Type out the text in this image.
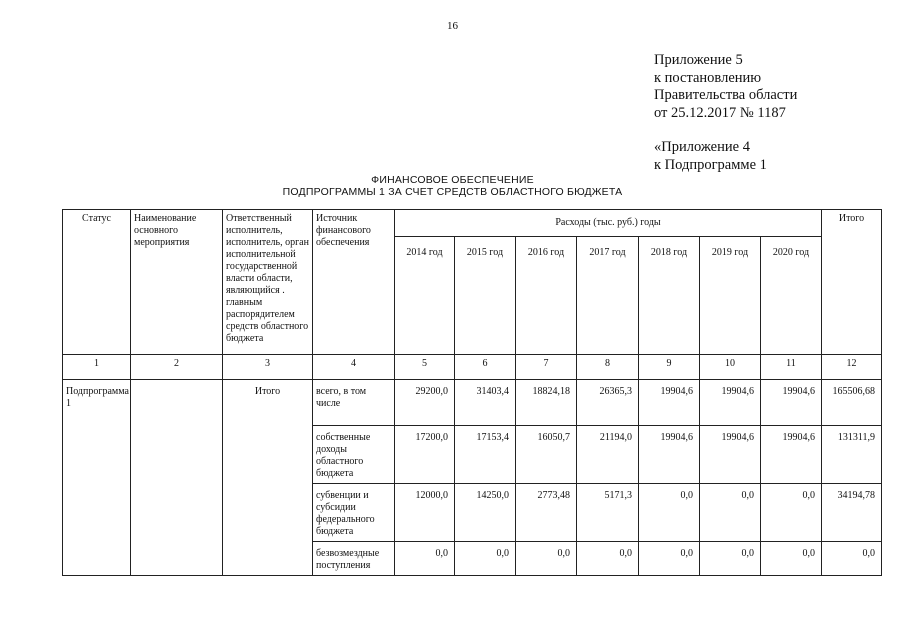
16
Приложение 5
к постановлению
Правительства области
от 25.12.2017 № 1187
«Приложение 4
к Подпрограмме 1
ФИНАНСОВОЕ ОБЕСПЕЧЕНИЕ
ПОДПРОГРАММЫ 1 ЗА СЧЕТ СРЕДСТВ ОБЛАСТНОГО БЮДЖЕТА
Статус	Наименование основного мероприятия	Ответственный исполнитель, исполнитель, орган исполнительной государственной власти области, являющийся . главным распорядителем средств областного бюджета	Источник финансового обеспечения	Расходы (тыс. руб.) годы							Итого
				2014 год	2015 год	2016 год	2017 год	2018 год	2019 год	2020 год	
1	2	3	4	5	6	7	8	9	10	11	12
Подпрограмма 1		Итого	всего, в том числе	29200,0	31403,4	18824,18	26365,3	19904,6	19904,6	19904,6	165506,68
			собственные доходы областного бюджета	17200,0	17153,4	16050,7	21194,0	19904,6	19904,6	19904,6	131311,9
			субвенции и субсидии федерального бюджета	12000,0	14250,0	2773,48	5171,3	0,0	0,0	0,0	34194,78
			безвозмездные поступления	0,0	0,0	0,0	0,0	0,0	0,0	0,0	0,0
